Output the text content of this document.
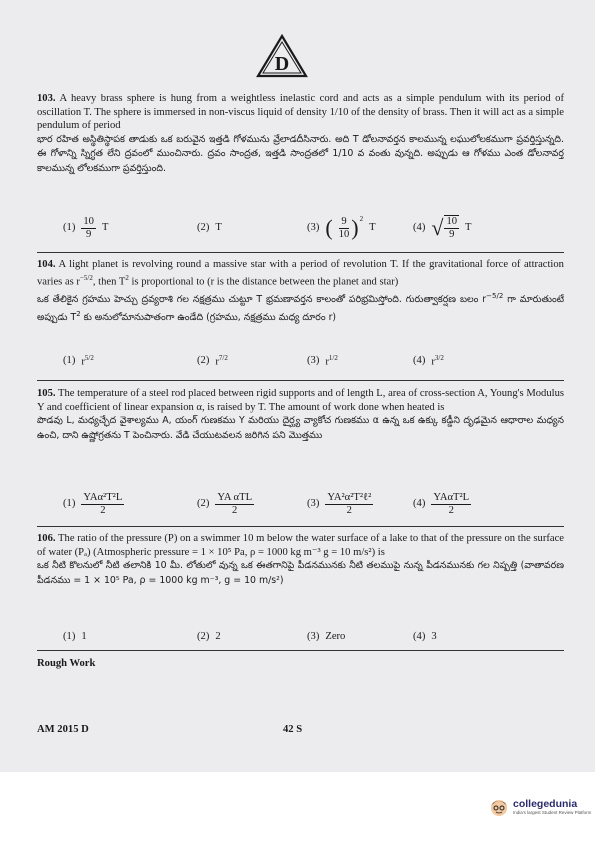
D

103. A heavy brass sphere is hung from a weightless inelastic cord and acts as a simple pendulum with its period of oscillation T. The sphere is immersed in non-viscus liquid of density 1/10 of the density of brass. Then it will act as a simple pendulum of period

భార రహిత అస్థితిస్థాపక తాడుకు ఒక బరువైన ఇత్తడి గోళమును వ్రేలాడదీసినారు. అది T డోలనావర్తన కాలమున్న లఘులోలకముగా ప్రవర్తిస్తున్నది. ఈ గోళాన్ని స్నిగ్ధత లేని ద్రవంలో ముంచినారు. ద్రవం సాంద్రత, ఇత్తడి సాంద్రతలో 1/10 వ వంతు వున్నది. అప్పుడు ఆ గోళము ఎంత డోలనావర్త కాలమున్న లోలకముగా ప్రవర్తిస్తుంది.

$(1) \frac{10}{9}$ T	(2) T	(3) ( $\frac{9}{10} )^2$
T	(4) √ $\frac{10}{9}$ T

104. A light planet is revolving round a massive star with a period of revolution T. If the gravitational force of attraction varies as $r^{-5/2}$, then $T^2$ is proportional to (r is the distance between the planet and star)

ఒక తేలికైన గ్రహము హెచ్చు ద్రవ్యరాశి గల నక్షత్రము చుట్టూ T భ్రమణావర్తన కాలంతో పరిభ్రమిస్తోంది. గురుత్వాకర్షణ బలం $r^{-5/2}$ గా మారుతుంటే అప్పుడు $T^2$ కు అనులోమానుపాతంగా ఉండేది (గ్రహము, నక్షత్రము మధ్య దూరం r)

(1) $r^{5/2}$	(2) $r^{7/2}$	(3) $r^{1/2}$	(4) $r^{3/2}$

105. The temperature of a steel rod placed between rigid supports and of length L, area of cross-section A, Young's Modulus Y and coefficient of linear expansion α, is raised by T. The amount of work done when heated is

పొడవు L, మధ్యచ్ఛేద వైశాల్యము A, యంగ్ గుణకము Y మరియు దైర్ఘ్య వ్యాకోచ గుణకము α ఉన్న ఒక ఉక్కు కడ్డీని దృఢమైన ఆధారాల మధ్యన ఉంచి, దాని ఉష్ణోగ్రతను T పెంచినారు. వేడి చేయుటవలన జరిగిన పని మొత్తము

$(1) \frac{\text{YAα²T²L}}{2}$	$(2) \frac{\text{YA αTL}}{2}$	$(3) \frac{\text{YA²α²T²ℓ²}}{2}$	$(4) \frac{\text{YAαT²L}}{2}$

106. The ratio of the pressure (P) on a swimmer 10 m below the water surface of a lake to that of the pressure on the surface of water (Pₐ) (Atmospheric pressure = 1 × 10⁵ Pa, ρ = 1000 kg m⁻³ g = 10 m/s²) is

ఒక నీటి కొలనులో నీటి తలానికి 10 మీ. లోతులో వున్న ఒక ఈతగానిపై పీడనమునకు నీటి తలముపై నున్న పీడనమునకు గల నిష్పత్తి (వాతావరణ పీడనము = 1 × 10⁵ Pa, ρ = 1000 kg m⁻³, g = 10 m/s²)

(1) 1	(2) 2	(3) Zero	(4) 3
Rough Work
AM 2015 D	42 S
collegedunia
India's largest Student Review Platform
